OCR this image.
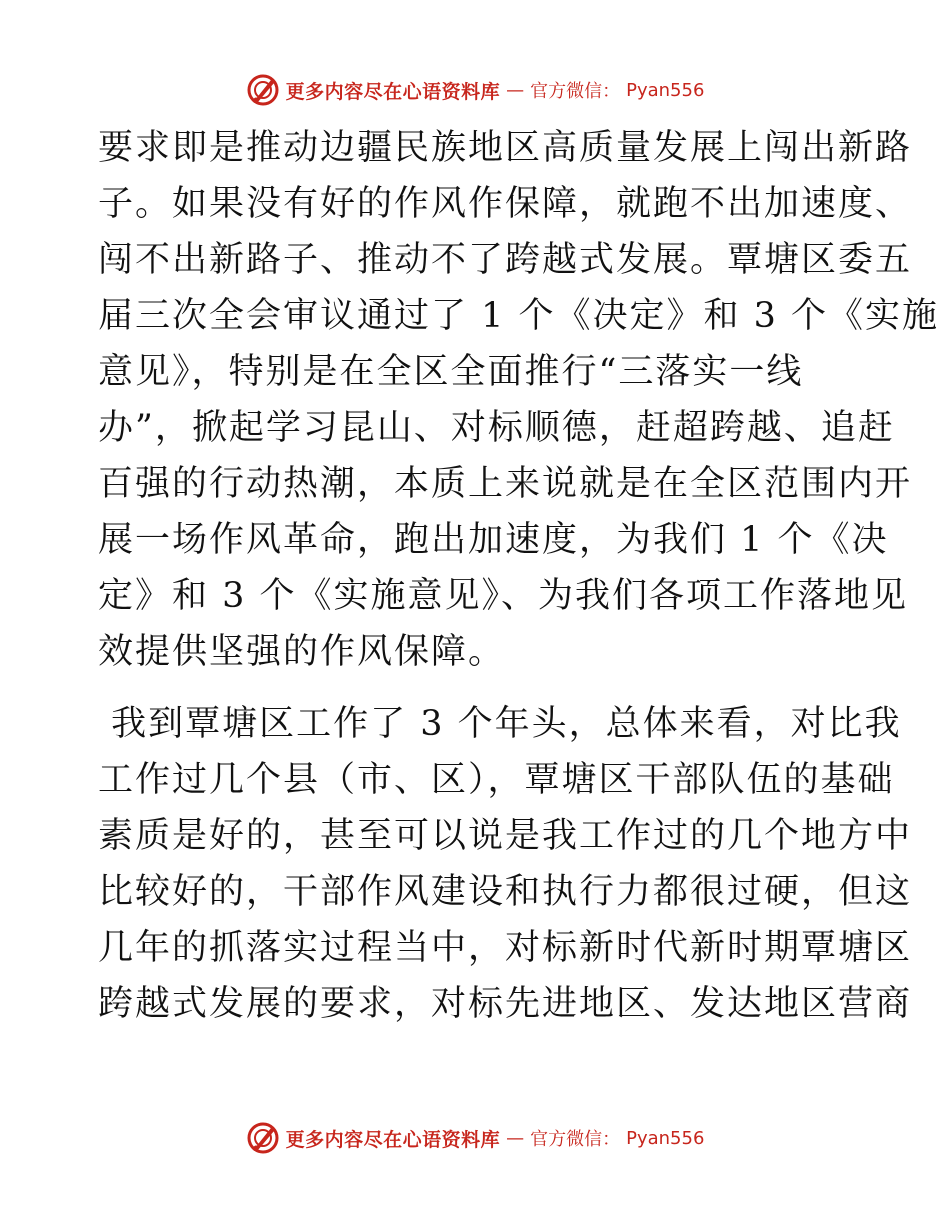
更多内容尽在心语资料库 — 官方微信： Pyan556
要求即是推动边疆民族地区高质量发展上闯出新路
子。如果没有好的作风作保障，就跑不出加速度、
闯不出新路子、推动不了跨越式发展。覃塘区委五
届三次全会审议通过了 1 个《决定》和 3 个《实施
意见》，特别是在全区全面推行“三落实一线
办”，掀起学习昆山、对标顺德，赶超跨越、追赶
百强的行动热潮，本质上来说就是在全区范围内开
展一场作风革命，跑出加速度，为我们 1 个《决
定》和 3 个《实施意见》、为我们各项工作落地见
效提供坚强的作风保障。
我到覃塘区工作了 3 个年头，总体来看，对比我
工作过几个县（市、区），覃塘区干部队伍的基础
素质是好的，甚至可以说是我工作过的几个地方中
比较好的，干部作风建设和执行力都很过硬，但这
几年的抓落实过程当中，对标新时代新时期覃塘区
跨越式发展的要求，对标先进地区、发达地区营商
更多内容尽在心语资料库 — 官方微信： Pyan556
